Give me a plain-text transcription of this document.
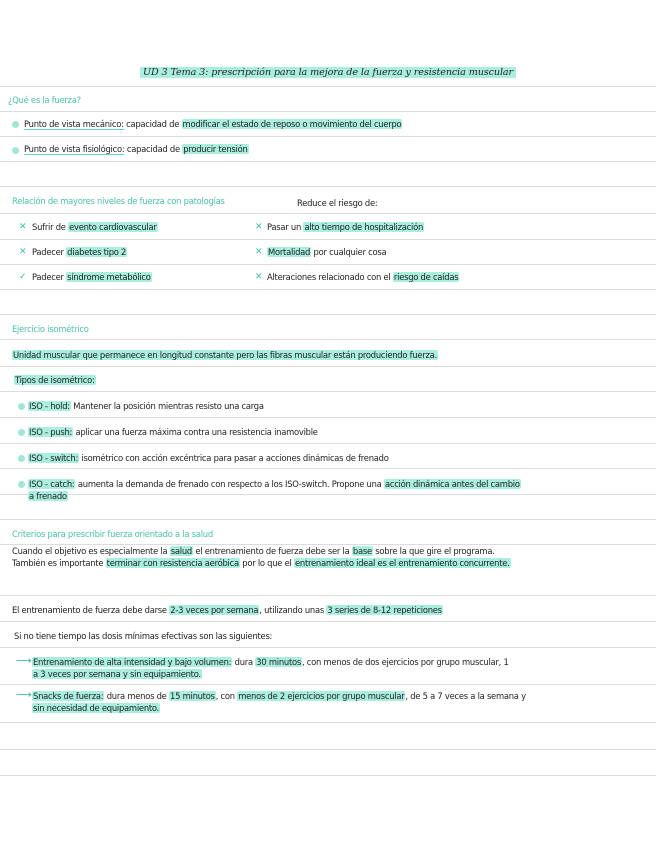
UD 3 Tema 3: prescripción para la mejora de la fuerza y resistencia muscular
¿Qué es la fuerza?
Punto de vista mecánico: capacidad de modificar el estado de reposo o movimiento del cuerpo
Punto de vista fisiológico: capacidad de producir tensión
Relación de mayores niveles de fuerza con patologías	Reduce el riesgo de:
✕ Sufrir de evento cardiovascular
✕ Padecer diabetes tipo 2
✓ Padecer síndrome metabólico
✕ Pasar un alto tiempo de hospitalización
✕ Mortalidad por cualquier cosa
✕ Alteraciones relacionado con el riesgo de caídas
Ejercicio isométrico
Unidad muscular que permanece en longitud constante pero las fibras muscular están produciendo fuerza.
Tipos de isométrico:
ISO - hold: Mantener la posición mientras resisto una carga
ISO - push: aplicar una fuerza máxima contra una resistencia inamovible
ISO - switch: isométrico con acción excéntrica para pasar a acciones dinámicas de frenado
ISO - catch: aumenta la demanda de frenado con respecto a los ISO-switch. Propone una acción dinámica antes del cambio
a frenado
Criterios para prescribir fuerza orientado a la salud
Cuando el objetivo es especialmente la salud el entrenamiento de fuerza debe ser la base sobre la que gire el programa.
También es importante terminar con resistencia aeróbica por lo que el entrenamiento ideal es el entrenamiento concurrente.
El entrenamiento de fuerza debe darse 2-3 veces por semana, utilizando unas 3 series de 8-12 repeticiones
Si no tiene tiempo las dosis mínimas efectivas son las siguientes:
⟶ Entrenamiento de alta intensidad y bajo volumen: dura 30 minutos, con menos de dos ejercicios por grupo muscular, 1
a 3 veces por semana y sin equipamiento.
⟶ Snacks de fuerza: dura menos de 15 minutos, con menos de 2 ejercicios por grupo muscular, de 5 a 7 veces a la semana y
sin necesidad de equipamiento.
